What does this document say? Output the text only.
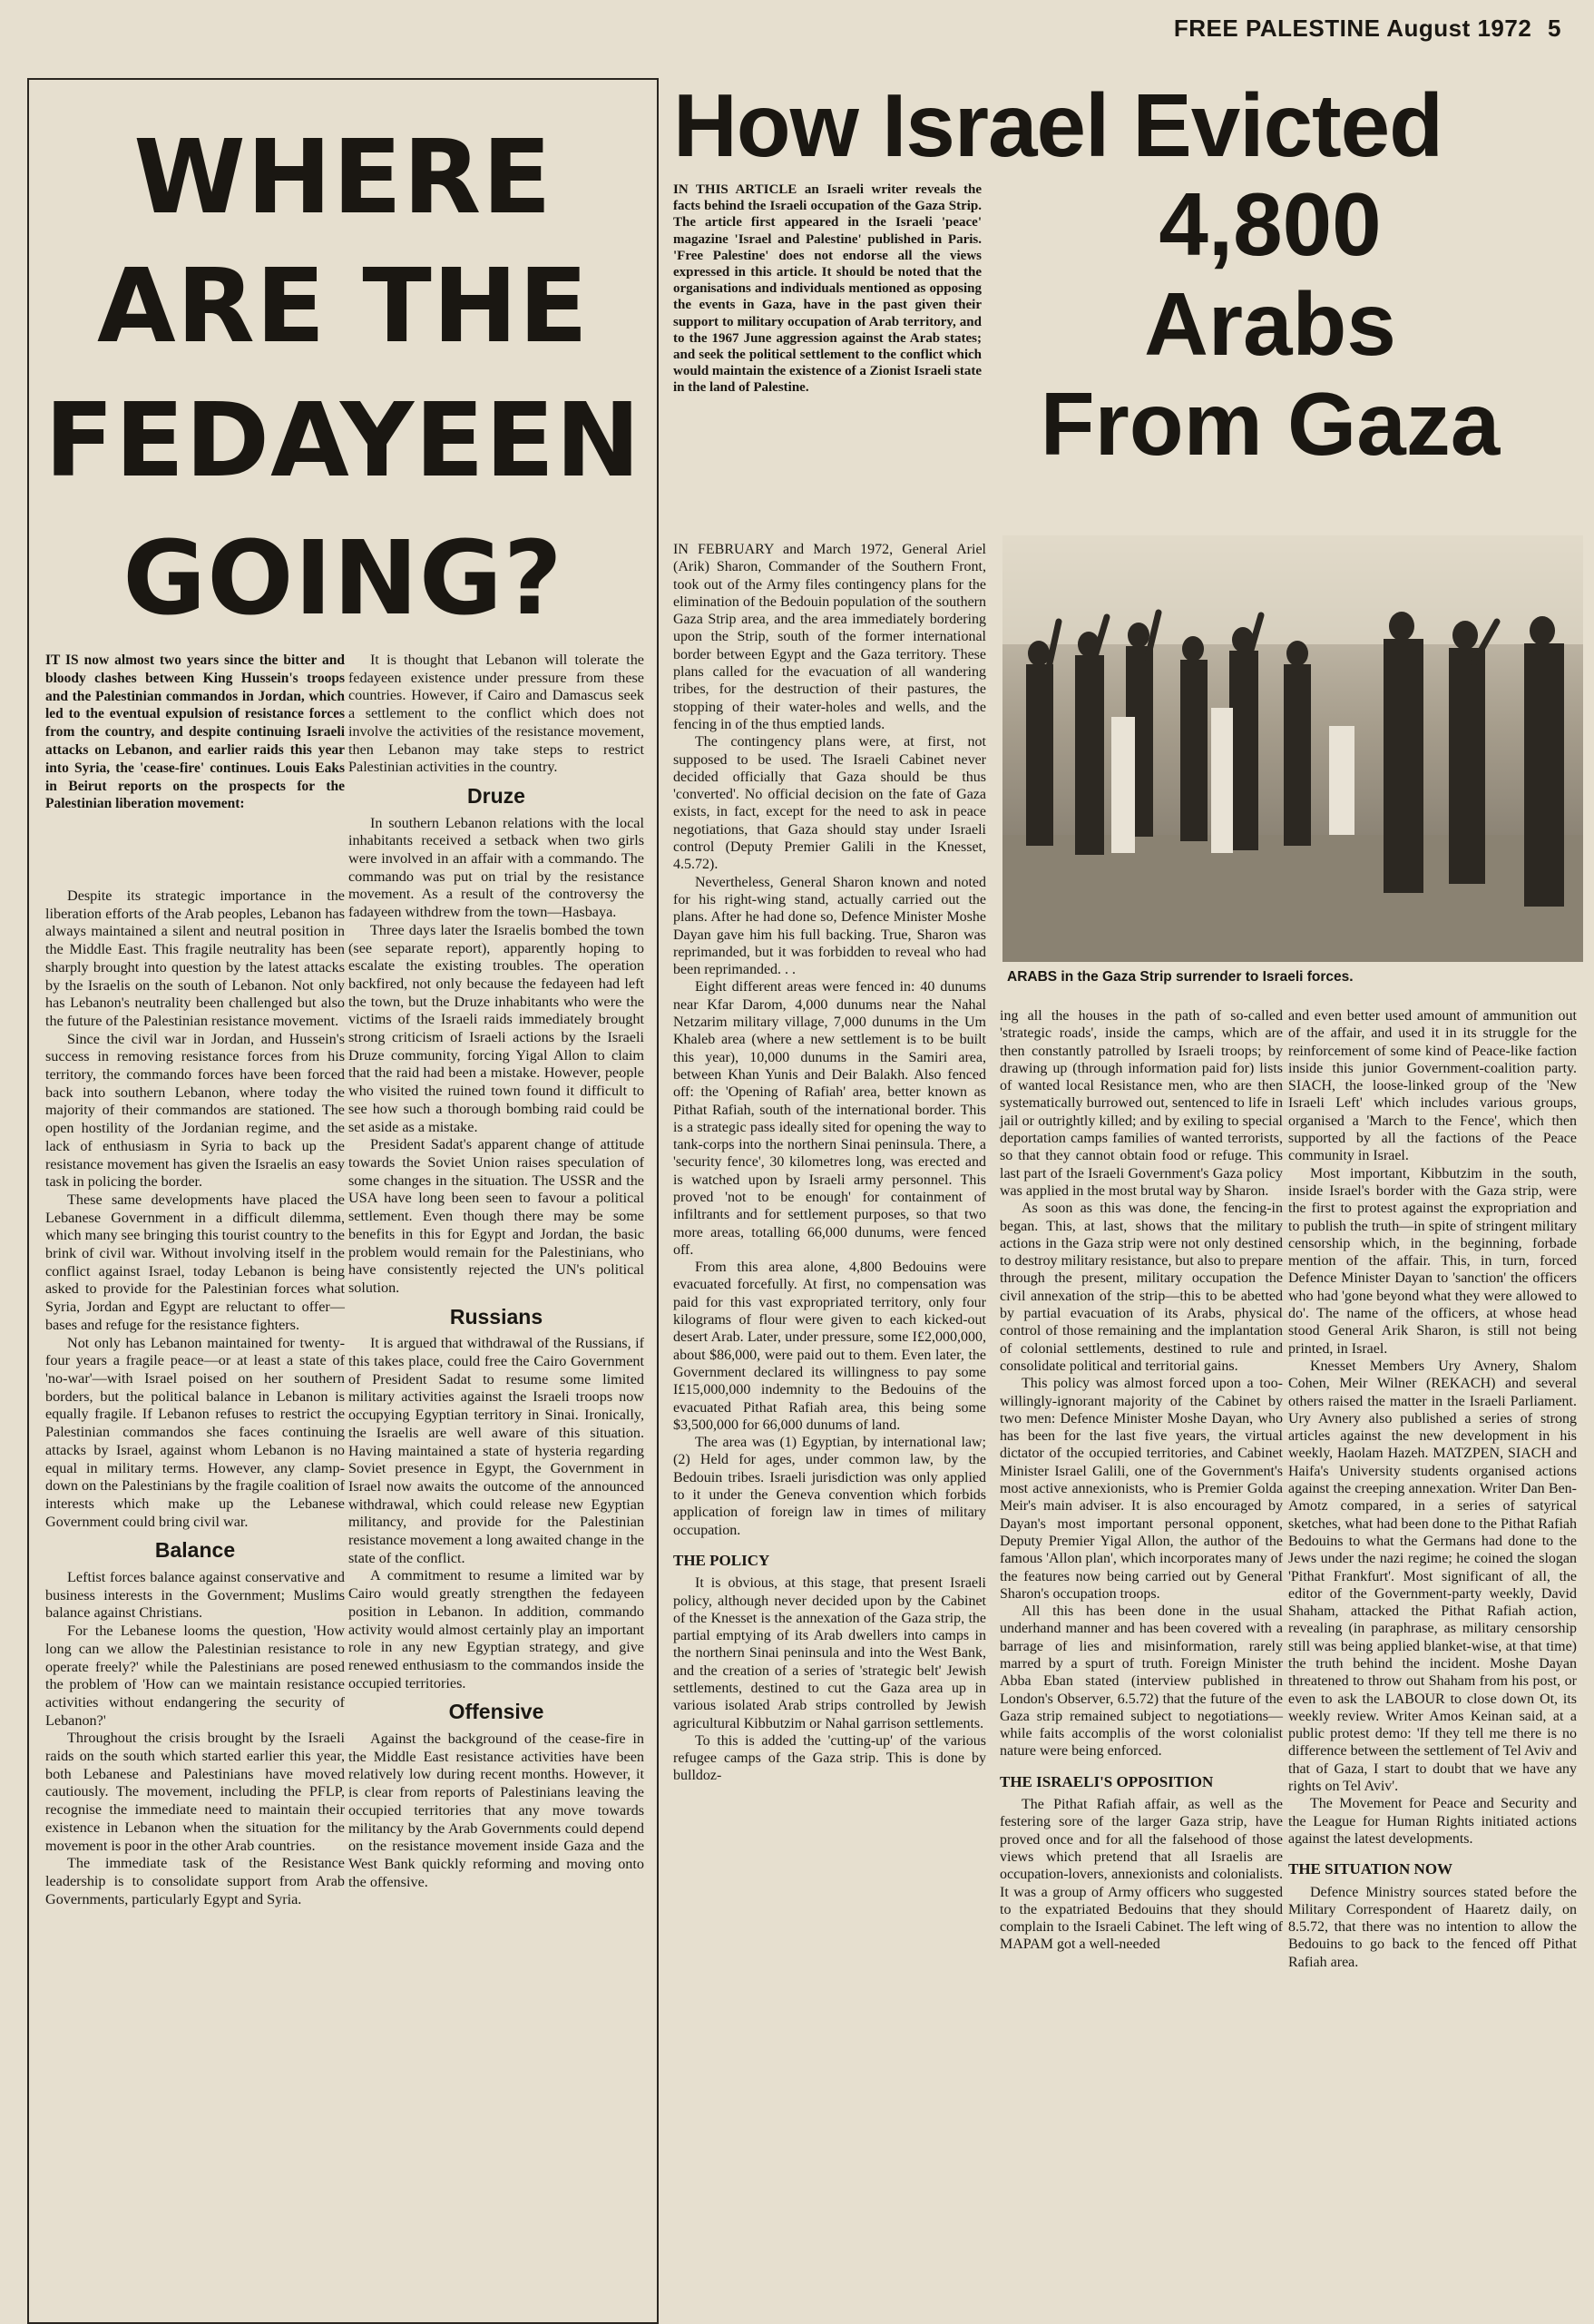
FREE PALESTINE August 1972 5
WHERE
ARE THE
FEDAYEEN
GOING?
IT IS now almost two years since the bitter and bloody clashes between King Hussein's troops and the Palestinian commandos in Jordan, which led to the eventual expulsion of resistance forces from the country, and despite continuing Israeli attacks on Lebanon, and earlier raids this year into Syria, the 'cease-fire' continues. Louis Eaks in Beirut reports on the prospects for the Palestinian liberation movement:

Despite its strategic importance in the liberation efforts of the Arab peoples, Lebanon has always maintained a silent and neutral position in the Middle East. This fragile neutrality has been sharply brought into question by the latest attacks by the Israelis on the south of Lebanon. Not only has Lebanon's neutrality been challenged but also the future of the Palestinian resistance movement.

Since the civil war in Jordan, and Hussein's success in removing resistance forces from his territory, the commando forces have been forced back into southern Lebanon, where today the majority of their commandos are stationed. The open hostility of the Jordanian regime, and the lack of enthusiasm in Syria to back up the resistance movement has given the Israelis an easy task in policing the border.

These same developments have placed the Lebanese Government in a difficult dilemma, which many see bringing this tourist country to the brink of civil war. Without involving itself in the conflict against Israel, today Lebanon is being asked to provide for the Palestinian forces what Syria, Jordan and Egypt are reluctant to offer—bases and refuge for the resistance fighters.

Not only has Lebanon maintained for twenty-four years a fragile peace—or at least a state of 'no-war'—with Israel poised on her southern borders, but the political balance in Lebanon is equally fragile. If Lebanon refuses to restrict the Palestinian commandos she faces continuing attacks by Israel, against whom Lebanon is no equal in military terms. However, any clamp-down on the Palestinians by the fragile coalition of interests which make up the Lebanese Government could bring civil war.

Balance

Leftist forces balance against conservative and business interests in the Government; Muslims balance against Christians.

For the Lebanese looms the question, 'How long can we allow the Palestinian resistance to operate freely?' while the Palestinians are posed the problem of 'How can we maintain resistance activities without endangering the security of Lebanon?'

Throughout the crisis brought by the Israeli raids on the south which started earlier this year, both Lebanese and Palestinians have moved cautiously. The movement, including the PFLP, recognise the immediate need to maintain their existence in Lebanon when the situation for the movement is poor in the other Arab countries.

The immediate task of the Resistance leadership is to consolidate support from Arab Governments, particularly Egypt and Syria.

It is thought that Lebanon will tolerate the fedayeen existence under pressure from these countries. However, if Cairo and Damascus seek a settlement to the conflict which does not involve the activities of the resistance movement, then Lebanon may take steps to restrict Palestinian activities in the country.

Druze

In southern Lebanon relations with the local inhabitants received a setback when two girls were involved in an affair with a commando. The commando was put on trial by the resistance movement. As a result of the controversy the fadayeen withdrew from the town—Hasbaya.

Three days later the Israelis bombed the town (see separate report), apparently hoping to escalate the existing troubles. The operation backfired, not only because the fedayeen had left the town, but the Druze inhabitants who were the victims of the Israeli raids immediately brought strong criticism of Israeli actions by the Israeli Druze community, forcing Yigal Allon to claim that the raid had been a mistake. However, people who visited the ruined town found it difficult to see how such a thorough bombing raid could be set aside as a mistake.

President Sadat's apparent change of attitude towards the Soviet Union raises speculation of some changes in the situation. The USSR and the USA have long been seen to favour a political settlement. Even though there may be some benefits in this for Egypt and Jordan, the basic problem would remain for the Palestinians, who have consistently rejected the UN's political solution.

Russians

It is argued that withdrawal of the Russians, if this takes place, could free the Cairo Government of President Sadat to resume some limited military activities against the Israeli troops now occupying Egyptian territory in Sinai. Ironically, the Israelis are well aware of this situation. Having maintained a state of hysteria regarding Soviet presence in Egypt, the Government in Israel now awaits the outcome of the announced withdrawal, which could release new Egyptian militancy, and provide for the Palestinian resistance movement a long awaited change in the state of the conflict.

A commitment to resume a limited war by Cairo would greatly strengthen the fedayeen position in Lebanon. In addition, commando activity would almost certainly play an important role in any new Egyptian strategy, and give renewed enthusiasm to the commandos inside the occupied territories.

Offensive

Against the background of the cease-fire in the Middle East resistance activities have been relatively low during recent months. However, it is clear from reports of Palestinians leaving the occupied territories that any move towards militancy by the Arab Governments could depend on the resistance movement inside Gaza and the West Bank quickly reforming and moving onto the offensive.

How Israel Evicted
4,800
Arabs
From Gaza
IN THIS ARTICLE an Israeli writer reveals the facts behind the Israeli occupation of the Gaza Strip. The article first appeared in the Israeli 'peace' magazine 'Israel and Palestine' published in Paris. 'Free Palestine' does not endorse all the views expressed in this article. It should be noted that the organisations and individuals mentioned as opposing the events in Gaza, have in the past given their support to military occupation of Arab territory, and to the 1967 June aggression against the Arab states; and seek the political settlement to the conflict which would maintain the existence of a Zionist Israeli state in the land of Palestine.
ARABS in the Gaza Strip surrender to Israeli forces.

IN FEBRUARY and March 1972, General Ariel (Arik) Sharon, Commander of the Southern Front, took out of the Army files contingency plans for the elimination of the Bedouin population of the southern Gaza Strip area, and the area immediately bordering upon the Strip, south of the former international border between Egypt and the Gaza territory. These plans called for the evacuation of all wandering tribes, for the destruction of their pastures, the stopping of their water-holes and wells, and the fencing in of the thus emptied lands.

The contingency plans were, at first, not supposed to be used. The Israeli Cabinet never decided officially that Gaza should be thus 'converted'. No official decision on the fate of Gaza exists, in fact, except for the need to ask in peace negotiations, that Gaza should stay under Israeli control (Deputy Premier Galili in the Knesset, 4.5.72).

Nevertheless, General Sharon known and noted for his right-wing stand, actually carried out the plans. After he had done so, Defence Minister Moshe Dayan gave him his full backing. True, Sharon was reprimanded, but it was forbidden to reveal who had been reprimanded. . .

Eight different areas were fenced in: 40 dunums near Kfar Darom, 4,000 dunums near the Nahal Netzarim military village, 7,000 dunums in the Um Khaleb area (where a new settlement is to be built this year), 10,000 dunums in the Samiri area, between Khan Yunis and Deir Balakh. Also fenced off: the 'Opening of Rafiah' area, better known as Pithat Rafiah, south of the international border. This is a strategic pass ideally sited for opening the way to tank-corps into the northern Sinai peninsula. There, a 'security fence', 30 kilometres long, was erected and is watched upon by Israeli army personnel. This proved 'not to be enough' for containment of infiltrants and for settlement purposes, so that two more areas, totalling 66,000 dunums, were fenced off.

From this area alone, 4,800 Bedouins were evacuated forcefully. At first, no compensation was paid for this vast expropriated territory, only four kilograms of flour were given to each kicked-out desert Arab. Later, under pressure, some I£2,000,000, about $86,000, were paid out to them. Even later, the Government declared its willingness to pay some I£15,000,000 indemnity to the Bedouins of the evacuated Pithat Rafiah area, this being some $3,500,000 for 66,000 dunums of land.

The area was (1) Egyptian, by international law; (2) Held for ages, under common law, by the Bedouin tribes. Israeli jurisdiction was only applied to it under the Geneva convention which forbids application of foreign law in times of military occupation.

THE POLICY

It is obvious, at this stage, that present Israeli policy, although never decided upon by the Cabinet of the Knesset is the annexation of the Gaza strip, the partial emptying of its Arab dwellers into camps in the northern Sinai peninsula and into the West Bank, and the creation of a series of 'strategic belt' Jewish settlements, destined to cut the Gaza area up in various isolated Arab strips controlled by Jewish agricultural Kibbutzim or Nahal garrison settlements.

To this is added the 'cutting-up' of the various refugee camps of the Gaza strip. This is done by bulldoz-

ing all the houses in the path of so-called 'strategic roads', inside the camps, which are then constantly patrolled by Israeli troops; by drawing up (through information paid for) lists of wanted local Resistance men, who are then systematically burrowed out, sentenced to life in jail or outrightly killed; and by exiling to special deportation camps families of wanted terrorists, so that they cannot obtain food or refuge. This last part of the Israeli Government's Gaza policy was applied in the most brutal way by Sharon.

As soon as this was done, the fencing-in began. This, at last, shows that the military actions in the Gaza strip were not only destined to destroy military resistance, but also to prepare through the present, military occupation the civil annexation of the strip—this to be abetted by partial evacuation of its Arabs, physical control of those remaining and the implantation of colonial settlements, destined to rule and consolidate political and territorial gains.

This policy was almost forced upon a too-willingly-ignorant majority of the Cabinet by two men: Defence Minister Moshe Dayan, who has been for the last five years, the virtual dictator of the occupied territories, and Cabinet Minister Israel Galili, one of the Government's most active annexionists, who is Premier Golda Meir's main adviser. It is also encouraged by Dayan's most important personal opponent, Deputy Premier Yigal Allon, the author of the famous 'Allon plan', which incorporates many of the features now being carried out by General Sharon's occupation troops.

All this has been done in the usual underhand manner and has been covered with a barrage of lies and misinformation, rarely marred by a spurt of truth. Foreign Minister Abba Eban stated (interview published in London's Observer, 6.5.72) that the future of the Gaza strip remained subject to negotiations—while faits accomplis of the worst colonialist nature were being enforced.

THE ISRAELI'S OPPOSITION

The Pithat Rafiah affair, as well as the festering sore of the larger Gaza strip, have proved once and for all the falsehood of those views which pretend that all Israelis are occupation-lovers, annexionists and colonialists. It was a group of Army officers who suggested to the expatriated Bedouins that they should complain to the Israeli Cabinet. The left wing of MAPAM got a well-needed

and even better used amount of ammunition out of the affair, and used it in its struggle for the reinforcement of some kind of Peace-like faction inside this junior Government-coalition party. SIACH, the loose-linked group of the 'New Israeli Left' which includes various groups, organised a 'March to the Fence', which then supported by all the factions of the Peace community in Israel.

Most important, Kibbutzim in the south, inside Israel's border with the Gaza strip, were the first to protest against the expropriation and to publish the truth—in spite of stringent military censorship which, in the beginning, forbade mention of the affair. This, in turn, forced Defence Minister Dayan to 'sanction' the officers who had 'gone beyond what they were allowed to do'. The name of the officers, at whose head stood General Arik Sharon, is still not being printed, in Israel.

Knesset Members Ury Avnery, Shalom Cohen, Meir Wilner (REKACH) and several others raised the matter in the Israeli Parliament. Ury Avnery also published a series of strong articles against the new development in his weekly, Haolam Hazeh. MATZPEN, SIACH and Haifa's University students organised actions against the creeping annexation. Writer Dan Ben-Amotz compared, in a series of satyrical sketches, what had been done to the Pithat Rafiah Bedouins to what the Germans had done to the Jews under the nazi regime; he coined the slogan 'Pithat Frankfurt'. Most significant of all, the editor of the Government-party weekly, David Shaham, attacked the Pithat Rafiah action, revealing (in paraphrase, as military censorship still was being applied blanket-wise, at that time) the truth behind the incident. Moshe Dayan threatened to throw out Shaham from his post, or even to ask the LABOUR to close down Ot, its weekly review. Writer Amos Keinan said, at a public protest demo: 'If they tell me there is no difference between the settlement of Tel Aviv and that of Gaza, I start to doubt that we have any rights on Tel Aviv'.

The Movement for Peace and Security and the League for Human Rights initiated actions against the latest developments.

THE SITUATION NOW

Defence Ministry sources stated before the Military Correspondent of Haaretz daily, on 8.5.72, that there was no intention to allow the Bedouins to go back to the fenced off Pithat Rafiah area.
